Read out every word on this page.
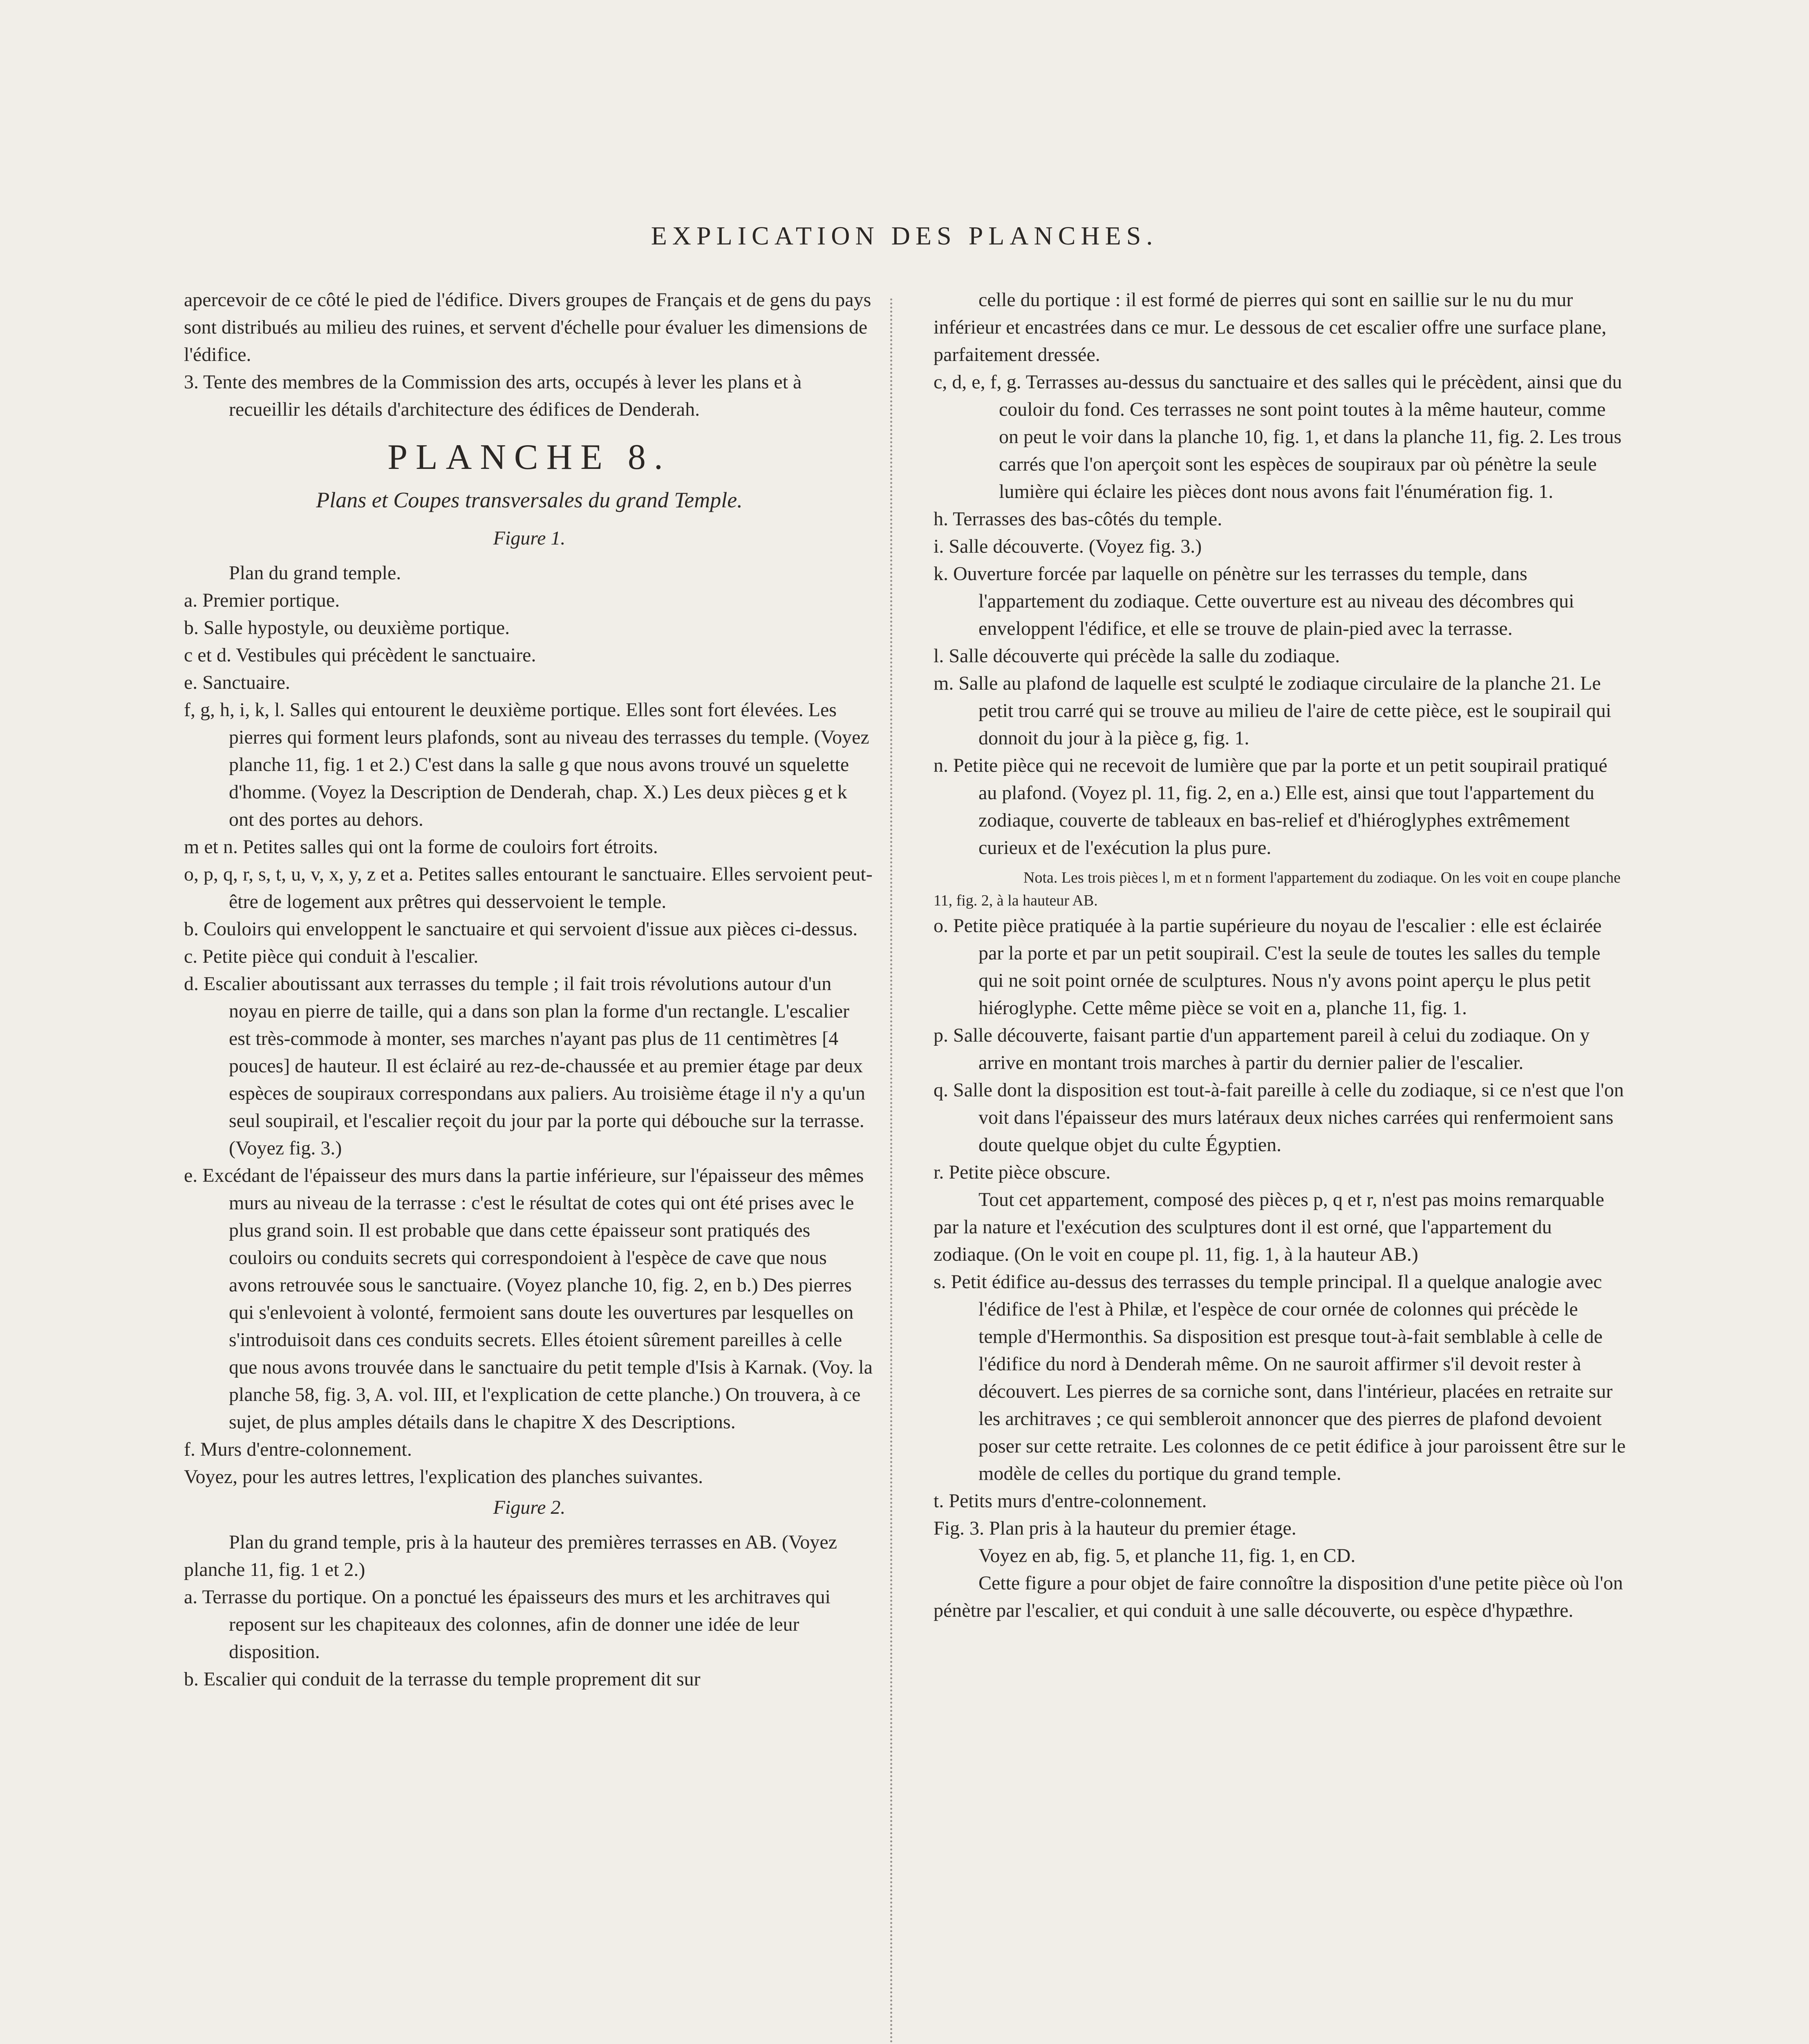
EXPLICATION DES PLANCHES.

apercevoir de ce côté le pied de l'édifice. Divers groupes de Français et de gens du pays sont distribués au milieu des ruines, et servent d'échelle pour évaluer les dimensions de l'édifice.

3. Tente des membres de la Commission des arts, occupés à lever les plans et à recueillir les détails d'architecture des édifices de Denderah.

PLANCHE 8.
Plans et Coupes transversales du grand Temple.
Figure 1.

Plan du grand temple.

a. Premier portique.

b. Salle hypostyle, ou deuxième portique.

c et d. Vestibules qui précèdent le sanctuaire.

e. Sanctuaire.

f, g, h, i, k, l. Salles qui entourent le deuxième portique. Elles sont fort élevées. Les pierres qui forment leurs plafonds, sont au niveau des terrasses du temple. (Voyez planche 11, fig. 1 et 2.) C'est dans la salle g que nous avons trouvé un squelette d'homme. (Voyez la Description de Denderah, chap. X.) Les deux pièces g et k ont des portes au dehors.

m et n. Petites salles qui ont la forme de couloirs fort étroits.

o, p, q, r, s, t, u, v, x, y, z et a. Petites salles entourant le sanctuaire. Elles servoient peut-être de logement aux prêtres qui desservoient le temple.

b. Couloirs qui enveloppent le sanctuaire et qui servoient d'issue aux pièces ci-dessus.

c. Petite pièce qui conduit à l'escalier.

d. Escalier aboutissant aux terrasses du temple ; il fait trois révolutions autour d'un noyau en pierre de taille, qui a dans son plan la forme d'un rectangle. L'escalier est très-commode à monter, ses marches n'ayant pas plus de 11 centimètres [4 pouces] de hauteur. Il est éclairé au rez-de-chaussée et au premier étage par deux espèces de soupiraux correspondans aux paliers. Au troisième étage il n'y a qu'un seul soupirail, et l'escalier reçoit du jour par la porte qui débouche sur la terrasse. (Voyez fig. 3.)

e. Excédant de l'épaisseur des murs dans la partie inférieure, sur l'épaisseur des mêmes murs au niveau de la terrasse : c'est le résultat de cotes qui ont été prises avec le plus grand soin. Il est probable que dans cette épaisseur sont pratiqués des couloirs ou conduits secrets qui correspondoient à l'espèce de cave que nous avons retrouvée sous le sanctuaire. (Voyez planche 10, fig. 2, en b.) Des pierres qui s'enlevoient à volonté, fermoient sans doute les ouvertures par lesquelles on s'introduisoit dans ces conduits secrets. Elles étoient sûrement pareilles à celle que nous avons trouvée dans le sanctuaire du petit temple d'Isis à Karnak. (Voy. la planche 58, fig. 3, A. vol. III, et l'explication de cette planche.) On trouvera, à ce sujet, de plus amples détails dans le chapitre X des Descriptions.

f. Murs d'entre-colonnement.

Voyez, pour les autres lettres, l'explication des planches suivantes.

Figure 2.

Plan du grand temple, pris à la hauteur des premières terrasses en AB. (Voyez planche 11, fig. 1 et 2.)

a. Terrasse du portique. On a ponctué les épaisseurs des murs et les architraves qui reposent sur les chapiteaux des colonnes, afin de donner une idée de leur disposition.

b. Escalier qui conduit de la terrasse du temple proprement dit sur

celle du portique : il est formé de pierres qui sont en saillie sur le nu du mur inférieur et encastrées dans ce mur. Le dessous de cet escalier offre une surface plane, parfaitement dressée.

c, d, e, f, g. Terrasses au-dessus du sanctuaire et des salles qui le précèdent, ainsi que du couloir du fond. Ces terrasses ne sont point toutes à la même hauteur, comme on peut le voir dans la planche 10, fig. 1, et dans la planche 11, fig. 2. Les trous carrés que l'on aperçoit sont les espèces de soupiraux par où pénètre la seule lumière qui éclaire les pièces dont nous avons fait l'énumération fig. 1.

h. Terrasses des bas-côtés du temple.

i. Salle découverte. (Voyez fig. 3.)

k. Ouverture forcée par laquelle on pénètre sur les terrasses du temple, dans l'appartement du zodiaque. Cette ouverture est au niveau des décombres qui enveloppent l'édifice, et elle se trouve de plain-pied avec la terrasse.

l. Salle découverte qui précède la salle du zodiaque.

m. Salle au plafond de laquelle est sculpté le zodiaque circulaire de la planche 21. Le petit trou carré qui se trouve au milieu de l'aire de cette pièce, est le soupirail qui donnoit du jour à la pièce g, fig. 1.

n. Petite pièce qui ne recevoit de lumière que par la porte et un petit soupirail pratiqué au plafond. (Voyez pl. 11, fig. 2, en a.) Elle est, ainsi que tout l'appartement du zodiaque, couverte de tableaux en bas-relief et d'hiéroglyphes extrêmement curieux et de l'exécution la plus pure.

Nota. Les trois pièces l, m et n forment l'appartement du zodiaque. On les voit en coupe planche 11, fig. 2, à la hauteur AB.

o. Petite pièce pratiquée à la partie supérieure du noyau de l'escalier : elle est éclairée par la porte et par un petit soupirail. C'est la seule de toutes les salles du temple qui ne soit point ornée de sculptures. Nous n'y avons point aperçu le plus petit hiéroglyphe. Cette même pièce se voit en a, planche 11, fig. 1.

p. Salle découverte, faisant partie d'un appartement pareil à celui du zodiaque. On y arrive en montant trois marches à partir du dernier palier de l'escalier.

q. Salle dont la disposition est tout-à-fait pareille à celle du zodiaque, si ce n'est que l'on voit dans l'épaisseur des murs latéraux deux niches carrées qui renfermoient sans doute quelque objet du culte Égyptien.

r. Petite pièce obscure.

Tout cet appartement, composé des pièces p, q et r, n'est pas moins remarquable par la nature et l'exécution des sculptures dont il est orné, que l'appartement du zodiaque. (On le voit en coupe pl. 11, fig. 1, à la hauteur AB.)

s. Petit édifice au-dessus des terrasses du temple principal. Il a quelque analogie avec l'édifice de l'est à Philæ, et l'espèce de cour ornée de colonnes qui précède le temple d'Hermonthis. Sa disposition est presque tout-à-fait semblable à celle de l'édifice du nord à Denderah même. On ne sauroit affirmer s'il devoit rester à découvert. Les pierres de sa corniche sont, dans l'intérieur, placées en retraite sur les architraves ; ce qui sembleroit annoncer que des pierres de plafond devoient poser sur cette retraite. Les colonnes de ce petit édifice à jour paroissent être sur le modèle de celles du portique du grand temple.

t. Petits murs d'entre-colonnement.

Fig. 3. Plan pris à la hauteur du premier étage.

Voyez en ab, fig. 5, et planche 11, fig. 1, en CD.

Cette figure a pour objet de faire connoître la disposition d'une petite pièce où l'on pénètre par l'escalier, et qui conduit à une salle découverte, ou espèce d'hypæthre.
